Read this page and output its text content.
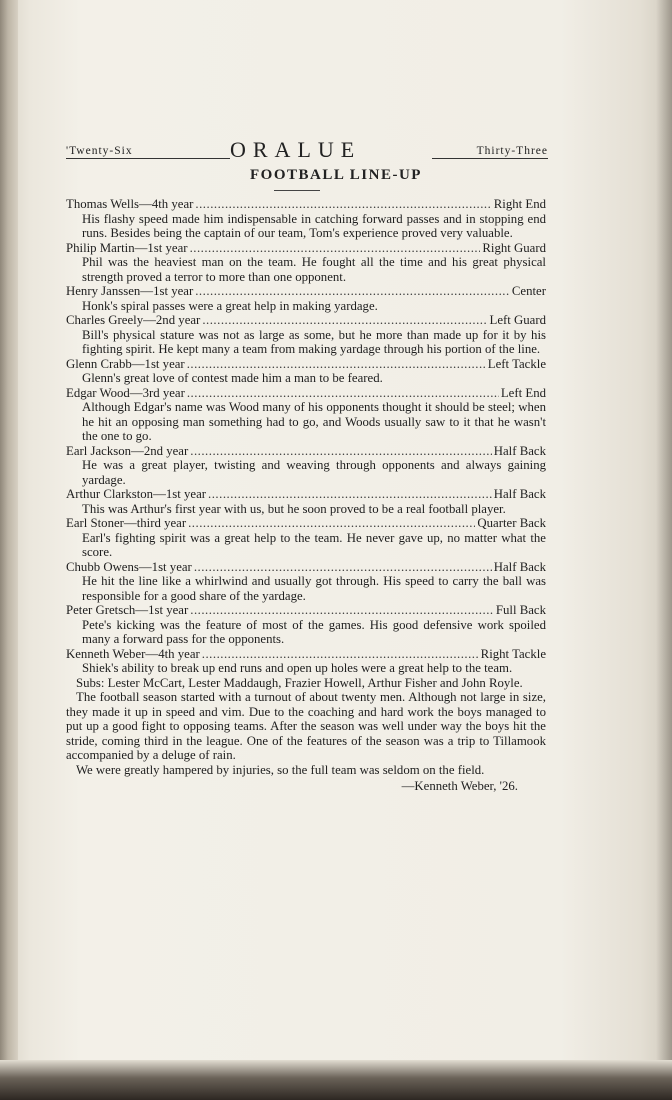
'Twenty-Six	ORALUE	Thirty-Three
FOOTBALL LINE-UP
Thomas Wells—4th year .....	Right End
His flashy speed made him indispensable in catching forward passes and in stopping end runs. Besides being the captain of our team, Tom's experience proved very valuable.
Philip Martin—1st year .....	Right Guard
Phil was the heaviest man on the team. He fought all the time and his great physical strength proved a terror to more than one opponent.
Henry Janssen—1st year .....	Center
Honk's spiral passes were a great help in making yardage.
Charles Greely—2nd year .....	Left Guard
Bill's physical stature was not as large as some, but he more than made up for it by his fighting spirit. He kept many a team from making yardage through his portion of the line.
Glenn Crabb—1st year .....	Left Tackle
Glenn's great love of contest made him a man to be feared.
Edgar Wood—3rd year .....	Left End
Although Edgar's name was Wood many of his opponents thought it should be steel; when he hit an opposing man something had to go, and Woods usually saw to it that he wasn't the one to go.
Earl Jackson—2nd year .....	Half Back
He was a great player, twisting and weaving through opponents and always gaining yardage.
Arthur Clarkston—1st year .....	Half Back
This was Arthur's first year with us, but he soon proved to be a real football player.
Earl Stoner—third year .....	Quarter Back
Earl's fighting spirit was a great help to the team. He never gave up, no matter what the score.
Chubb Owens—1st year .....	Half Back
He hit the line like a whirlwind and usually got through. His speed to carry the ball was responsible for a good share of the yardage.
Peter Gretsch—1st year .....	Full Back
Pete's kicking was the feature of most of the games. His good defensive work spoiled many a forward pass for the opponents.
Kenneth Weber—4th year .....	Right Tackle
Shiek's ability to break up end runs and open up holes were a great help to the team.
Subs: Lester McCart, Lester Maddaugh, Frazier Howell, Arthur Fisher and John Royle.
The football season started with a turnout of about twenty men. Although not large in size, they made it up in speed and vim. Due to the coaching and hard work the boys managed to put up a good fight to opposing teams. After the season was well under way the boys hit the stride, coming third in the league. One of the features of the season was a trip to Tillamook accompanied by a deluge of rain.
We were greatly hampered by injuries, so the full team was seldom on the field.
—Kenneth Weber, '26.
